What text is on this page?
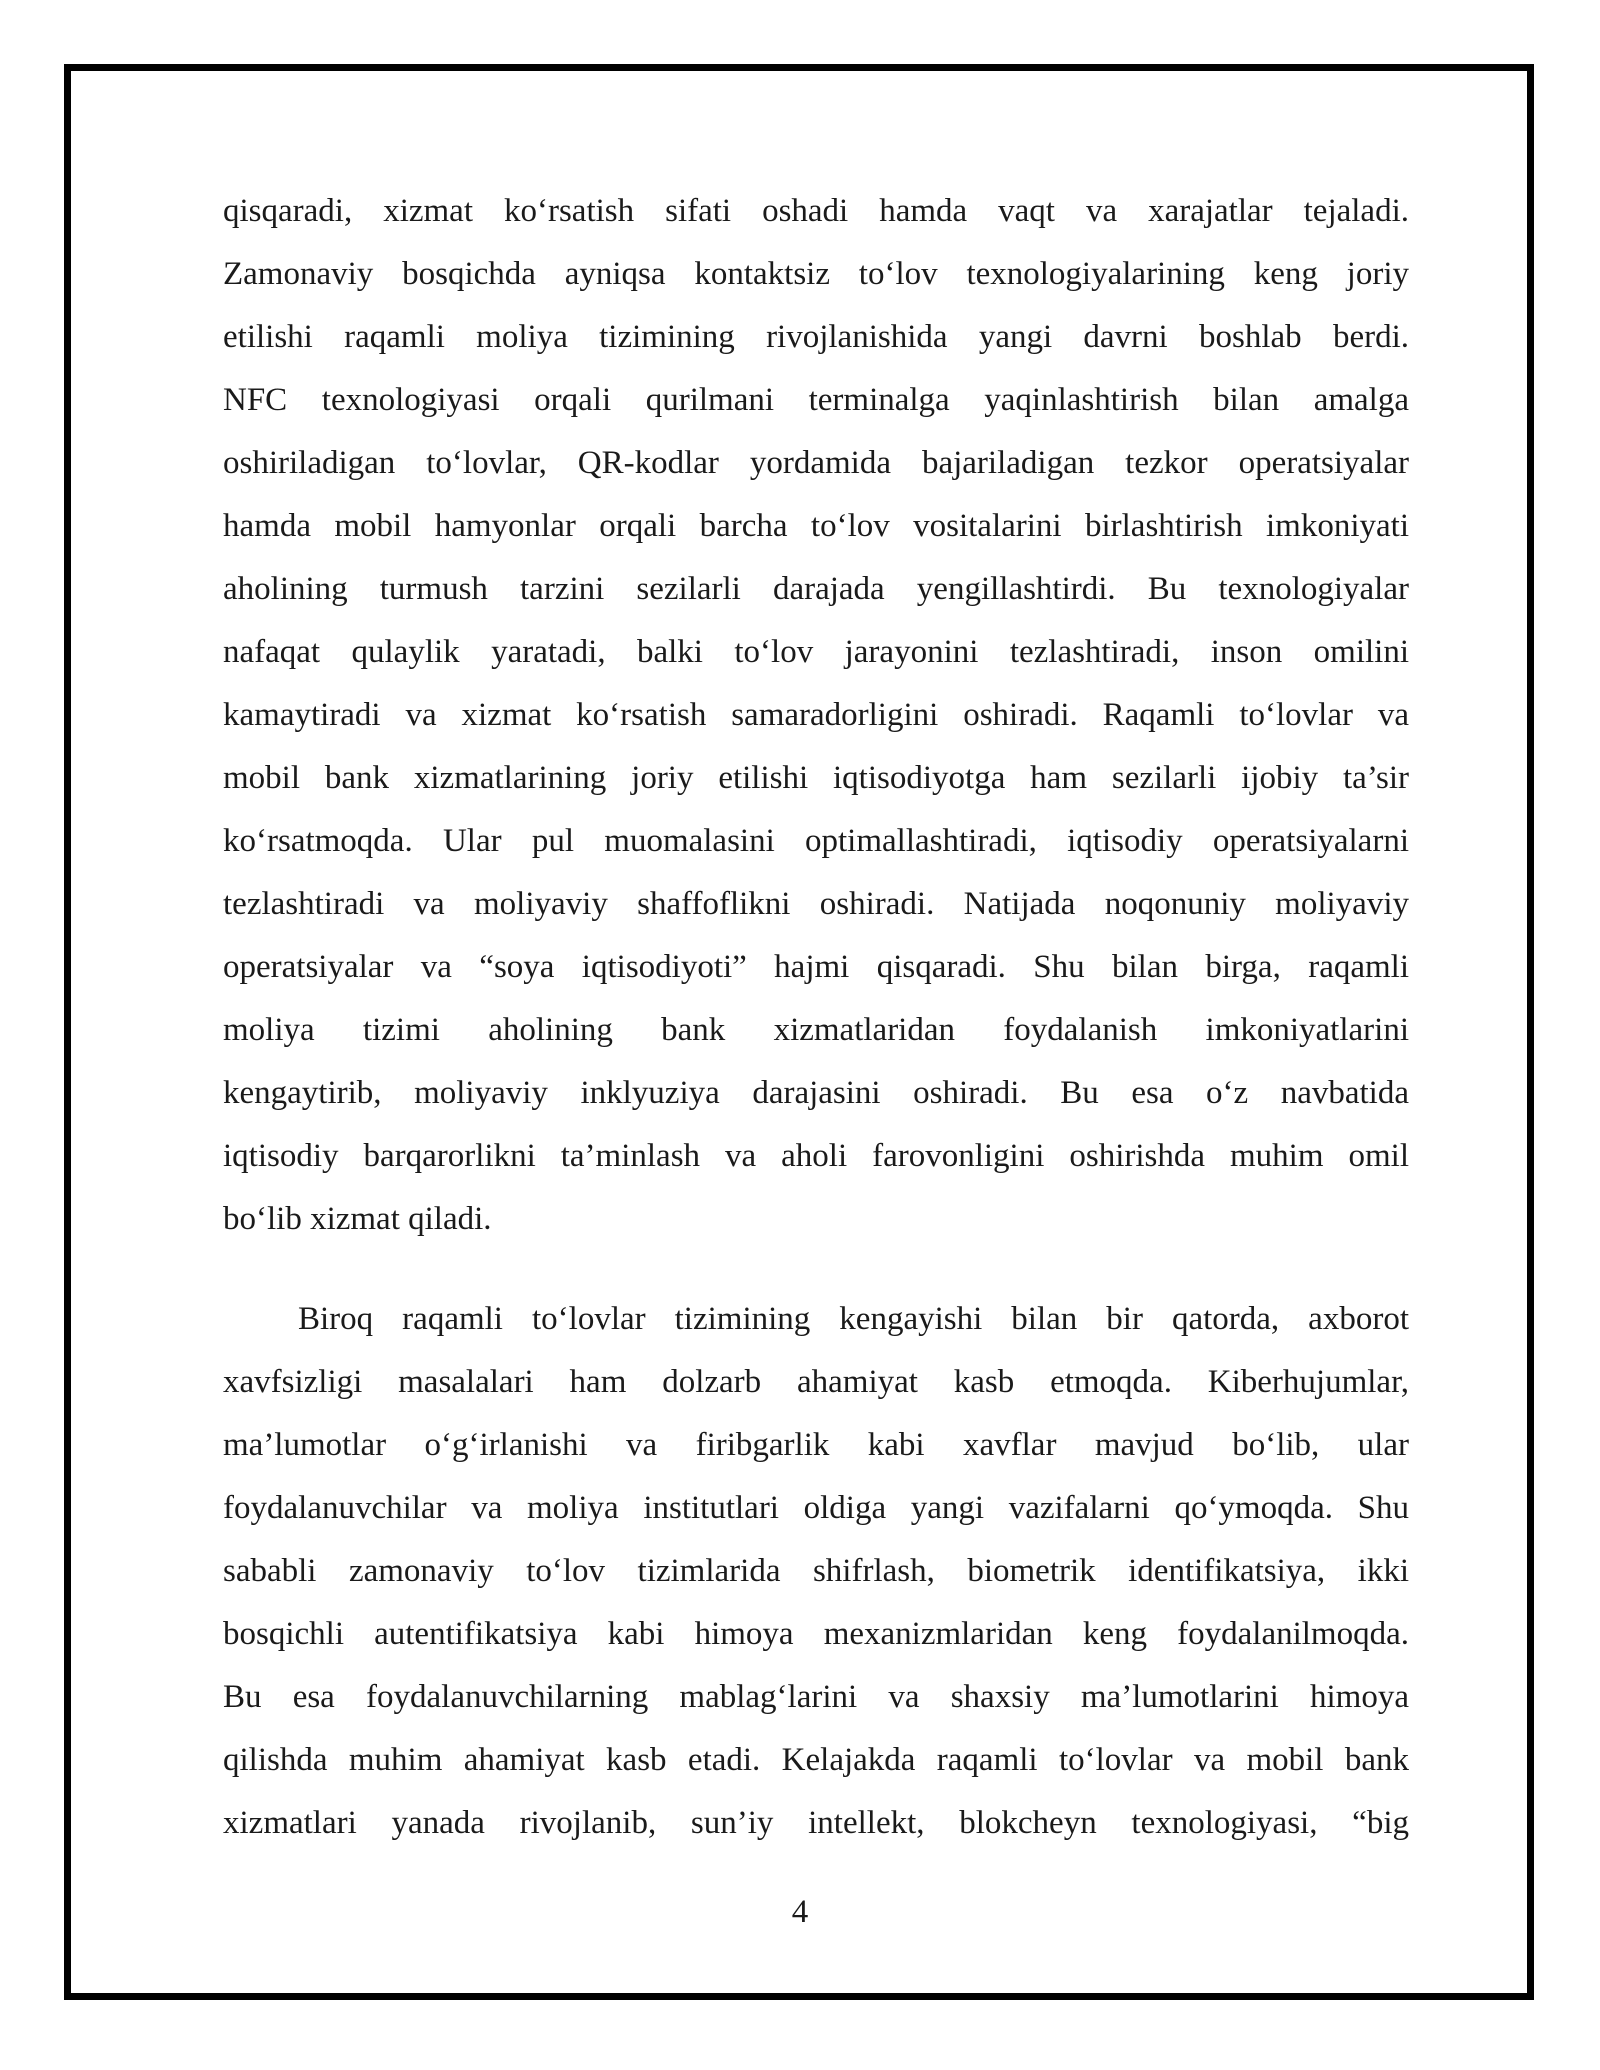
qisqaradi, xizmat ko‘rsatish sifati oshadi hamda vaqt va xarajatlar tejaladi.
Zamonaviy bosqichda ayniqsa kontaktsiz to‘lov texnologiyalarining keng joriy
etilishi raqamli moliya tizimining rivojlanishida yangi davrni boshlab berdi.
NFC texnologiyasi orqali qurilmani terminalga yaqinlashtirish bilan amalga
oshiriladigan to‘lovlar, QR-kodlar yordamida bajariladigan tezkor operatsiyalar
hamda mobil hamyonlar orqali barcha to‘lov vositalarini birlashtirish imkoniyati
aholining turmush tarzini sezilarli darajada yengillashtirdi. Bu texnologiyalar
nafaqat qulaylik yaratadi, balki to‘lov jarayonini tezlashtiradi, inson omilini
kamaytiradi va xizmat ko‘rsatish samaradorligini oshiradi. Raqamli to‘lovlar va
mobil bank xizmatlarining joriy etilishi iqtisodiyotga ham sezilarli ijobiy ta’sir
ko‘rsatmoqda. Ular pul muomalasini optimallashtiradi, iqtisodiy operatsiyalarni
tezlashtiradi va moliyaviy shaffoflikni oshiradi. Natijada noqonuniy moliyaviy
operatsiyalar va “soya iqtisodiyoti” hajmi qisqaradi. Shu bilan birga, raqamli
moliya tizimi aholining bank xizmatlaridan foydalanish imkoniyatlarini
kengaytirib, moliyaviy inklyuziya darajasini oshiradi. Bu esa o‘z navbatida
iqtisodiy barqarorlikni ta’minlash va aholi farovonligini oshirishda muhim omil
bo‘lib xizmat qiladi.
Biroq raqamli to‘lovlar tizimining kengayishi bilan bir qatorda, axborot
xavfsizligi masalalari ham dolzarb ahamiyat kasb etmoqda. Kiberhujumlar,
ma’lumotlar o‘g‘irlanishi va firibgarlik kabi xavflar mavjud bo‘lib, ular
foydalanuvchilar va moliya institutlari oldiga yangi vazifalarni qo‘ymoqda. Shu
sababli zamonaviy to‘lov tizimlarida shifrlash, biometrik identifikatsiya, ikki
bosqichli autentifikatsiya kabi himoya mexanizmlaridan keng foydalanilmoqda.
Bu esa foydalanuvchilarning mablag‘larini va shaxsiy ma’lumotlarini himoya
qilishda muhim ahamiyat kasb etadi. Kelajakda raqamli to‘lovlar va mobil bank
xizmatlari yanada rivojlanib, sun’iy intellekt, blokcheyn texnologiyasi, “big
4
